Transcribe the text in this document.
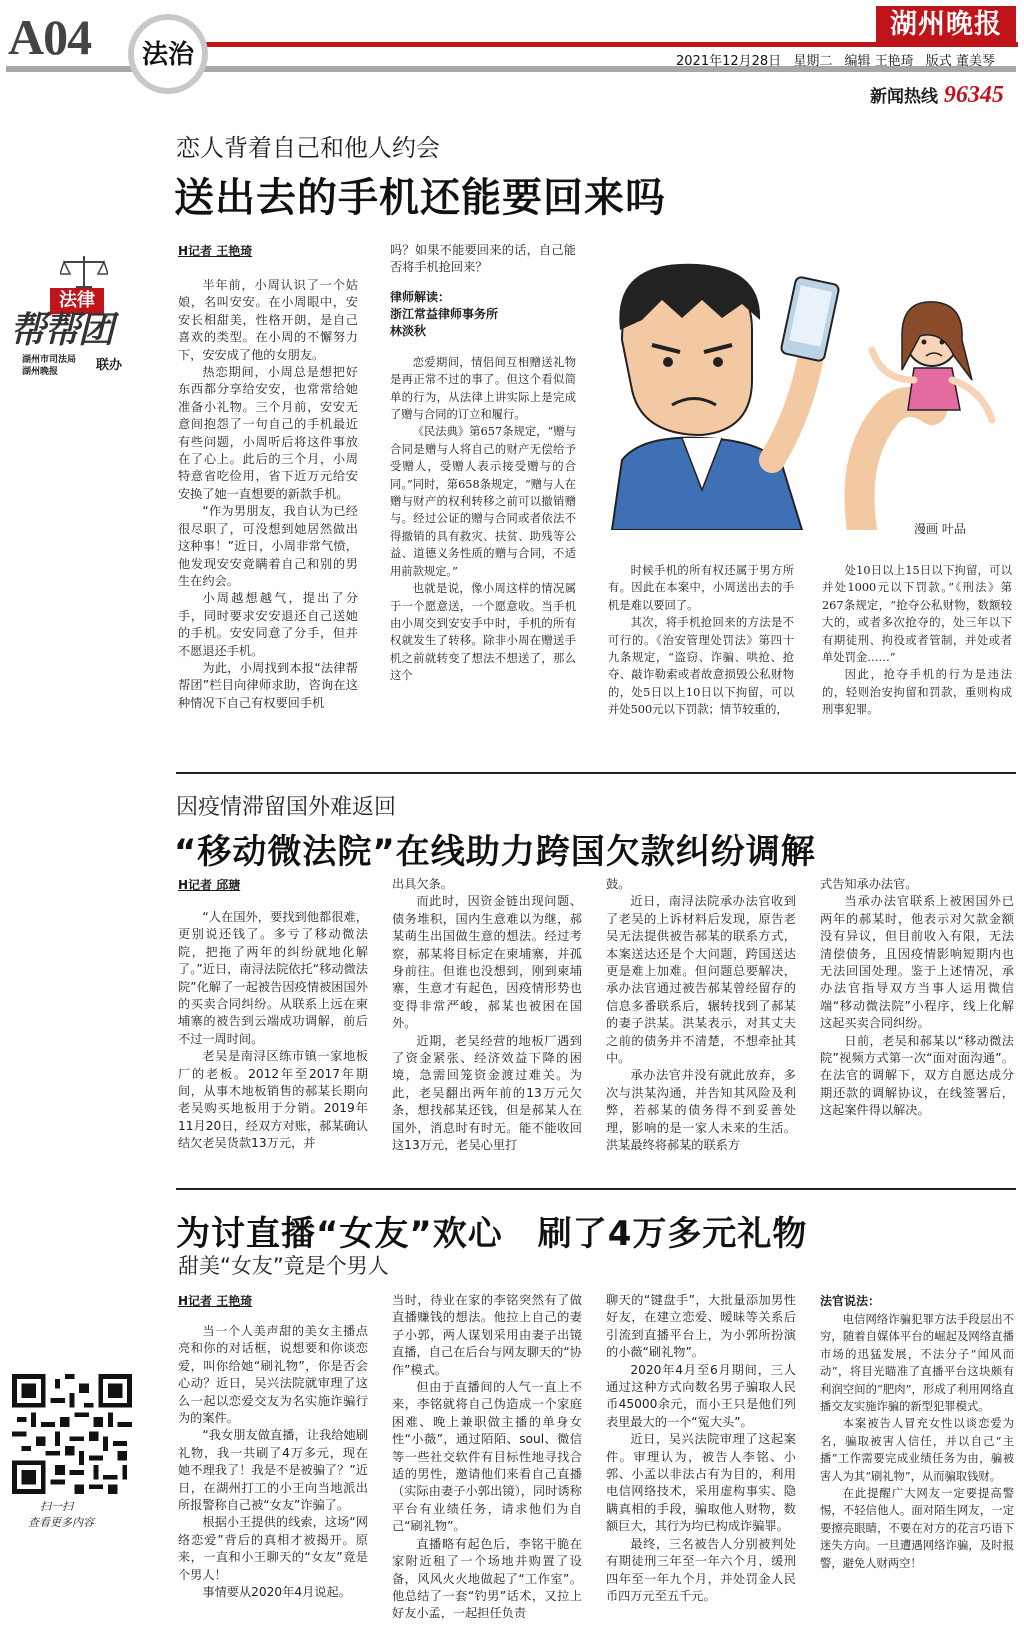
A04	法治
湖州晚报
2021年12月28日 星期二 编辑 王艳琦 版式 董美琴
新闻热线 96345
法律
帮帮团
湖州市司法局
湖州晚报	联办
恋人背着自己和他人约会
送出去的手机还能要回来吗
H记者 王艳琦

半年前，小周认识了一个姑娘，名叫安安。在小周眼中，安安长相甜美，性格开朗，是自己喜欢的类型。在小周的不懈努力下，安安成了他的女朋友。

热恋期间，小周总是想把好东西都分享给安安，也常常给她准备小礼物。三个月前，安安无意间抱怨了一句自己的手机最近有些问题，小周听后将这件事放在了心上。此后的三个月，小周特意省吃俭用，省下近万元给安安换了她一直想要的新款手机。

“作为男朋友，我自认为已经很尽职了，可没想到她居然做出这种事！”近日，小周非常气愤，他发现安安竟瞒着自己和别的男生在约会。

小周越想越气，提出了分手，同时要求安安退还自己送她的手机。安安同意了分手，但并不愿退还手机。

为此，小周找到本报“法律帮帮团”栏目向律师求助，咨询在这种情况下自己有权要回手机

吗？如果不能要回来的话，自己能否将手机抢回来？

律师解读：
浙江常益律师事务所
林淡秋

恋爱期间，情侣间互相赠送礼物是再正常不过的事了。但这个看似简单的行为，从法律上讲实际上是完成了赠与合同的订立和履行。

《民法典》第657条规定，“赠与合同是赠与人将自己的财产无偿给予受赠人，受赠人表示接受赠与的合同。”同时，第658条规定，“赠与人在赠与财产的权利转移之前可以撤销赠与。经过公证的赠与合同或者依法不得撤销的具有救灾、扶贫、助残等公益、道德义务性质的赠与合同，不适用前款规定。”

也就是说，像小周这样的情况属于一个愿意送，一个愿意收。当手机由小周交到安安手中时，手机的所有权就发生了转移。除非小周在赠送手机之前就转变了想法不想送了，那么这个

漫画 叶品

时候手机的所有权还属于男方所有。因此在本案中，小周送出去的手机是难以要回了。

其次，将手机抢回来的方法是不可行的。《治安管理处罚法》第四十九条规定，“盗窃、诈骗、哄抢、抢夺、敲诈勒索或者故意损毁公私财物的，处5日以上10日以下拘留，可以并处500元以下罚款；情节较重的，

处10日以上15日以下拘留，可以并处1000元以下罚款。”《刑法》第267条规定，“抢夺公私财物，数额较大的，或者多次抢夺的，处三年以下有期徒刑、拘役或者管制，并处或者单处罚金……”

因此，抢夺手机的行为是违法的，轻则治安拘留和罚款，重则构成刑事犯罪。

因疫情滞留国外难返回
“移动微法院”在线助力跨国欠款纠纷调解
H记者 邱瑭

“人在国外，要找到他都很难，更别说还钱了。多亏了移动微法院，把拖了两年的纠纷就地化解了。”近日，南浔法院依托“移动微法院”化解了一起被告因疫情被困国外的买卖合同纠纷。从联系上远在柬埔寨的被告到云端成功调解，前后不过一周时间。

老吴是南浔区练市镇一家地板厂的老板。2012年至2017年期间，从事木地板销售的郝某长期向老吴购买地板用于分销。2019年11月20日，经双方对账，郝某确认结欠老吴货款13万元，并

出具欠条。

而此时，因资金链出现问题、债务堆积，国内生意难以为继，郝某萌生出国做生意的想法。经过考察，郝某将目标定在柬埔寨，并孤身前往。但谁也没想到，刚到柬埔寨，生意才有起色，因疫情形势也变得非常严峻，郝某也被困在国外。

近期，老吴经营的地板厂遇到了资金紧张、经济效益下降的困境，急需回笼资金渡过难关。为此，老吴翻出两年前的13万元欠条，想找郝某还钱，但是郝某人在国外，消息时有时无。能不能收回这13万元，老吴心里打

鼓。

近日，南浔法院承办法官收到了老吴的上诉材料后发现，原告老吴无法提供被告郝某的联系方式，本案送达还是个大问题，跨国送达更是难上加难。但问题总要解决，承办法官通过被告郝某曾经留存的信息多番联系后，辗转找到了郝某的妻子洪某。洪某表示，对其丈夫之前的债务并不清楚，不想牵扯其中。

承办法官并没有就此放弃，多次与洪某沟通，并告知其风险及利弊，若郝某的债务得不到妥善处理，影响的是一家人未来的生活。洪某最终将郝某的联系方

式告知承办法官。

当承办法官联系上被困国外已两年的郝某时，他表示对欠款金额没有异议，但目前收入有限，无法清偿债务，且因疫情影响短期内也无法回国处理。鉴于上述情况，承办法官指导双方当事人运用微信端“移动微法院”小程序，线上化解这起买卖合同纠纷。

日前，老吴和郝某以“移动微法院”视频方式第一次“面对面沟通”。在法官的调解下，双方自愿达成分期还款的调解协议，在线签署后，这起案件得以解决。

为讨直播“女友”欢心　刷了4万多元礼物
甜美“女友”竟是个男人
H记者 王艳琦

当一个人美声甜的美女主播点亮和你的对话框，说想要和你谈恋爱，叫你给她“刷礼物”，你是否会心动？近日，吴兴法院就审理了这么一起以恋爱交友为名实施诈骗行为的案件。

“我女朋友做直播，让我给她刷礼物，我一共刷了4万多元，现在她不理我了！我是不是被骗了？”近日，在湖州打工的小王向当地派出所报警称自己被“女友”诈骗了。

根据小王提供的线索，这场“网络恋爱”背后的真相才被揭开。原来，一直和小王聊天的“女友”竟是个男人！

事情要从2020年4月说起。

当时，待业在家的李铭突然有了做直播赚钱的想法。他拉上自己的妻子小郭，两人谋划采用由妻子出镜直播，自己在后台与网友聊天的“协作”模式。

但由于直播间的人气一直上不来，李铭就将自己伪造成一个家庭困难、晚上兼职做主播的单身女性“小薇”，通过陌陌、soul、微信等一些社交软件有目标性地寻找合适的男性，邀请他们来看自己直播（实际由妻子小郭出镜），同时诱称平台有业绩任务，请求他们为自己“刷礼物”。

直播略有起色后，李铭干脆在家附近租了一个场地并购置了设备，风风火火地做起了“工作室”。他总结了一套“钓男”话术，又拉上好友小孟，一起担任负责

聊天的“键盘手”，大批量添加男性好友，在建立恋爱、暧昧等关系后引流到直播平台上，为小郭所扮演的小薇“刷礼物”。

2020年4月至6月期间，三人通过这种方式向数名男子骗取人民币45000余元，而小王只是他们列表里最大的一个“冤大头”。

近日，吴兴法院审理了这起案件。审理认为，被告人李铭、小郭、小孟以非法占有为目的，利用电信网络技术，采用虚构事实、隐瞒真相的手段，骗取他人财物，数额巨大，其行为均已构成诈骗罪。

最终，三名被告人分别被判处有期徒刑三年至一年六个月，缓刑四年至一年九个月，并处罚金人民币四万元至五千元。

法官说法：

电信网络诈骗犯罪方法手段层出不穷，随着自媒体平台的崛起及网络直播市场的迅猛发展，不法分子“闻风而动”，将目光瞄准了直播平台这块颇有利润空间的“肥肉”，形成了利用网络直播交友实施诈骗的新型犯罪模式。

本案被告人冒充女性以谈恋爱为名，骗取被害人信任，并以自己“主播”工作需要完成业绩任务为由，骗被害人为其“刷礼物”，从而骗取钱财。

在此提醒广大网友一定要提高警惕，不轻信他人。面对陌生网友，一定要擦亮眼睛，不要在对方的花言巧语下迷失方向。一旦遭遇网络诈骗，及时报警，避免人财两空！

扫一扫
查看更多内容
